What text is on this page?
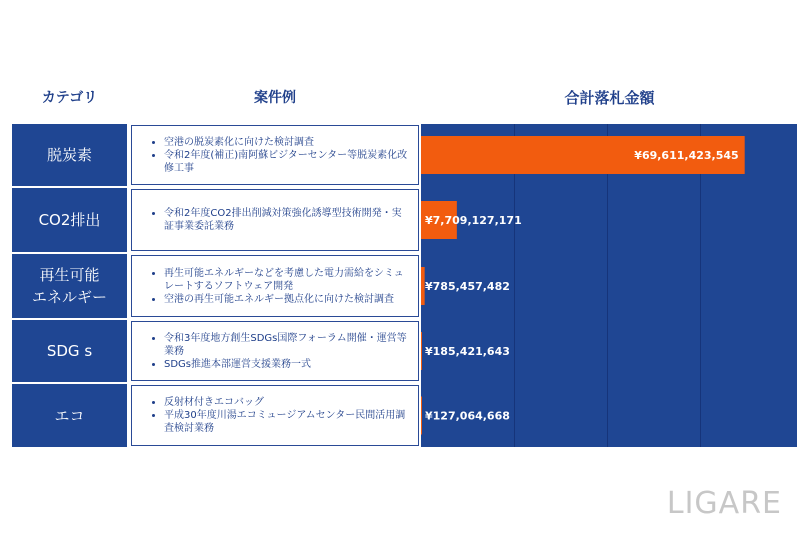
カテゴリ	案件例	合計落札金額
¥69,611,423,545
¥7,709,127,171
¥785,457,482
¥185,421,643
¥127,064,668
脱炭素
• 空港の脱炭素化に向けた検討調査
• 令和2年度(補正)南阿蘇ビジターセンター等脱炭素化改修工事
CO2排出
•	令和2年度CO2排出削減対策強化誘導型技術開発・実証事業委託業務
再生可能
エネルギー
• 再生可能エネルギーなどを考慮した電力需給をシミュレートするソフトウェア開発
• 空港の再生可能エネルギー拠点化に向けた検討調査
SDG s
• 令和3年度地方創生SDGs国際フォーラム開催・運営等業務
• SDGs推進本部運営支援業務一式
エコ
• 反射材付きエコバッグ
• 平成30年度川湯エコミュージアムセンター民間活用調査検討業務
LIGARE
